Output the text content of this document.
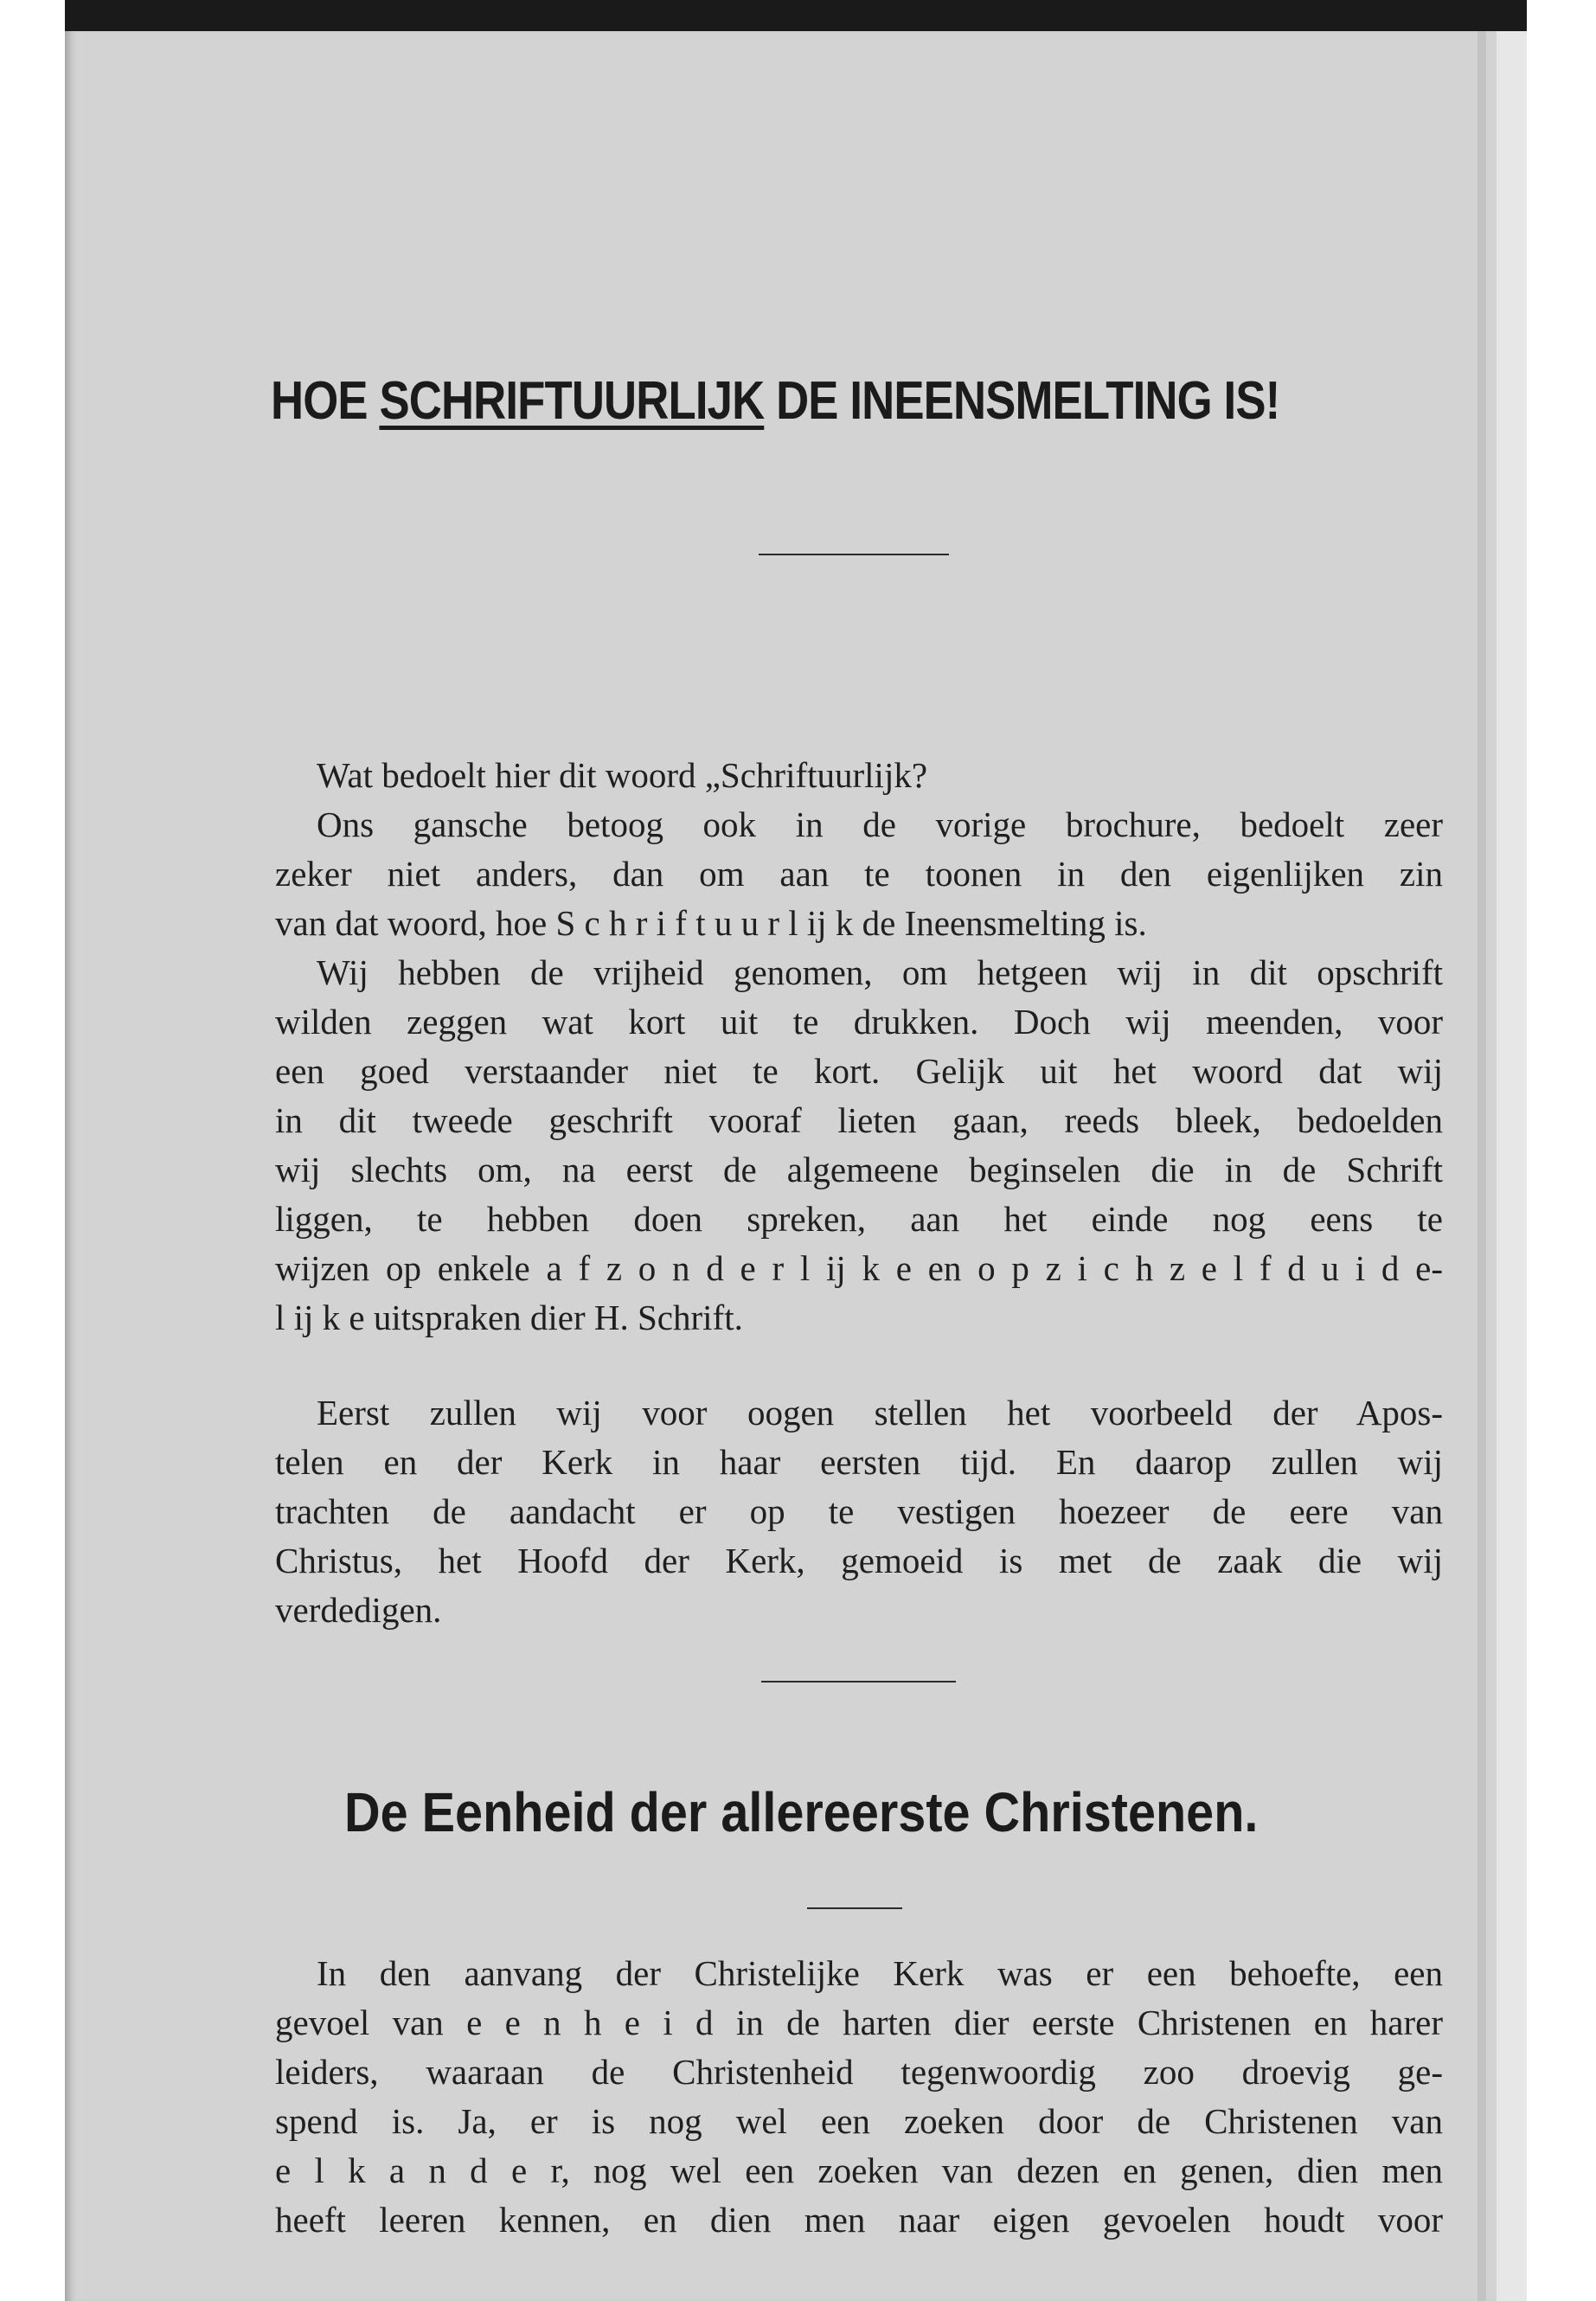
HOE SCHRIFTUURLIJK DE INEENSMELTING IS!
Wat bedoelt hier dit woord „Schriftuurlijk?
Ons gansche betoog ook in de vorige brochure, bedoelt zeer
zeker niet anders, dan om aan te toonen in den eigenlijken zin
van dat woord, hoe S c h r i f t u u r l ij k de Ineensmelting is.
Wij hebben de vrijheid genomen, om hetgeen wij in dit opschrift
wilden zeggen wat kort uit te drukken. Doch wij meenden, voor
een goed verstaander niet te kort. Gelijk uit het woord dat wij
in dit tweede geschrift vooraf lieten gaan, reeds bleek, bedoelden
wij slechts om, na eerst de algemeene beginselen die in de Schrift
liggen, te hebben doen spreken, aan het einde nog eens te
wijzen op enkele a f z o n d e r l ij k e en o p z i c h z e l f d u i d e-
l ij k e uitspraken dier H. Schrift.
Eerst zullen wij voor oogen stellen het voorbeeld der Apos-
telen en der Kerk in haar eersten tijd. En daarop zullen wij
trachten de aandacht er op te vestigen hoezeer de eere van
Christus, het Hoofd der Kerk, gemoeid is met de zaak die wij
verdedigen.
De Eenheid der allereerste Christenen.
In den aanvang der Christelijke Kerk was er een behoefte, een
gevoel van e e n h e i d in de harten dier eerste Christenen en harer
leiders, waaraan de Christenheid tegenwoordig zoo droevig ge-
spend is. Ja, er is nog wel een zoeken door de Christenen van
e l k a n d e r, nog wel een zoeken van dezen en genen, dien men
heeft leeren kennen, en dien men naar eigen gevoelen houdt voor
